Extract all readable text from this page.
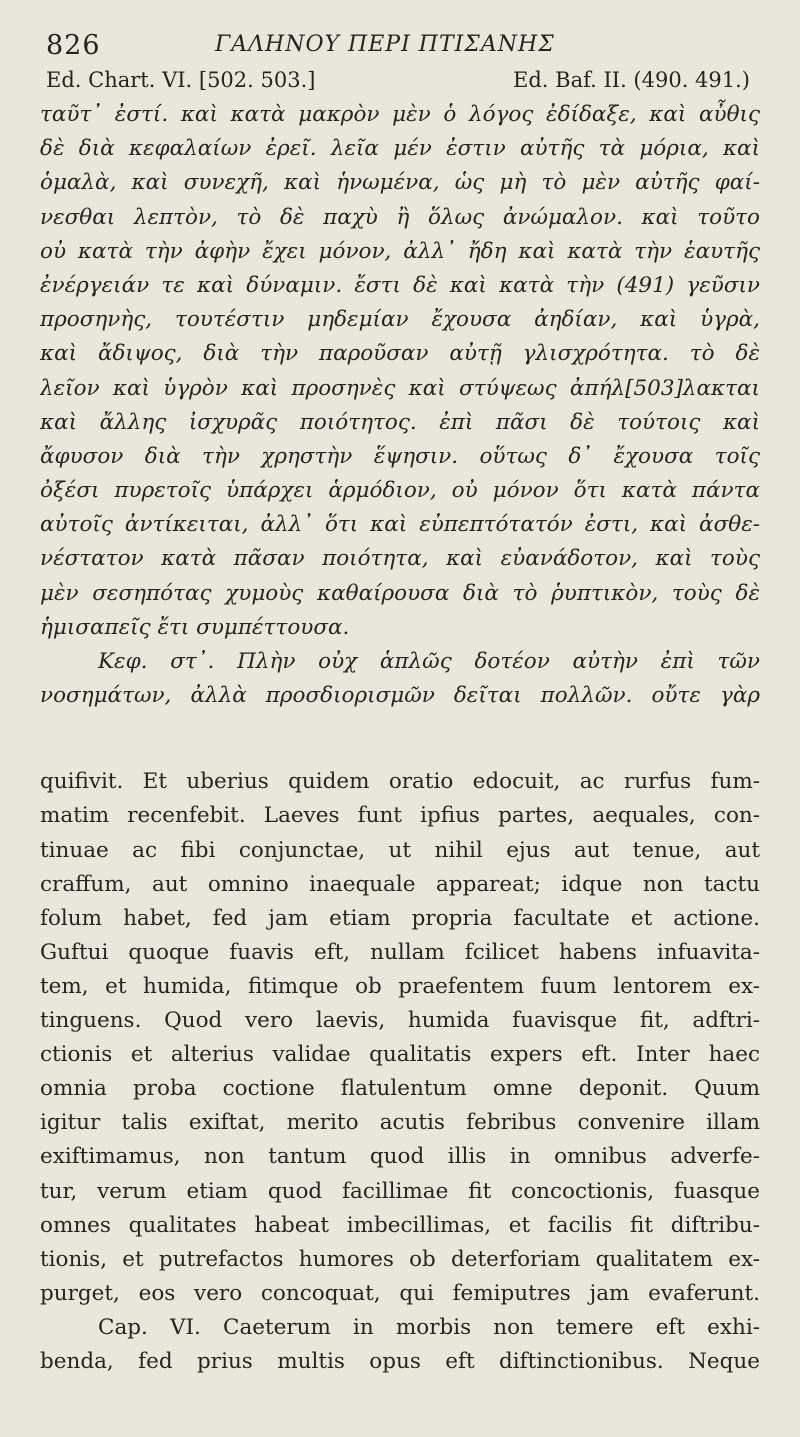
826	ΓΑΛΗΝΟΥ ΠΕΡΙ ΠΤΙΣΑΝΗΣ
Ed. Chart. VI. [502. 503.]	Ed. Baf. II. (490. 491.)
ταῦτ᾽ ἐστί. καὶ κατὰ μακρὸν μὲν ὁ λόγος ἐδίδαξε, καὶ αὖθις
δὲ διὰ κεφαλαίων ἐρεῖ. λεῖα μέν ἐστιν αὐτῆς τὰ μόρια, καὶ
ὁμαλὰ, καὶ συνεχῆ, καὶ ἡνωμένα, ὡς μὴ τὸ μὲν αὐτῆς φαί-
νεσθαι λεπτὸν, τὸ δὲ παχὺ ἢ ὅλως ἀνώμαλον. καὶ τοῦτο
οὐ κατὰ τὴν ἀφὴν ἔχει μόνον, ἀλλ᾽ ἤδη καὶ κατὰ τὴν ἑαυτῆς
ἐνέργειάν τε καὶ δύναμιν. ἔστι δὲ καὶ κατὰ τὴν (491) γεῦσιν
προσηνὴς, τουτέστιν μηδεμίαν ἔχουσα ἀηδίαν, καὶ ὑγρὰ,
καὶ ἄδιψος, διὰ τὴν παροῦσαν αὐτῇ γλισχρότητα. τὸ δὲ
λεῖον καὶ ὑγρὸν καὶ προσηνὲς καὶ στύψεως ἀπήλ[503]λακται
καὶ ἄλλης ἰσχυρᾶς ποιότητος. ἐπὶ πᾶσι δὲ τούτοις καὶ
ἄφυσον διὰ τὴν χρηστὴν ἕψησιν. οὕτως δ᾽ ἔχουσα τοῖς
ὀξέσι πυρετοῖς ὑπάρχει ἁρμόδιον, οὐ μόνον ὅτι κατὰ πάντα
αὐτοῖς ἀντίκειται, ἀλλ᾽ ὅτι καὶ εὐπεπτότατόν ἐστι, καὶ ἀσθε-
νέστατον κατὰ πᾶσαν ποιότητα, καὶ εὐανάδοτον, καὶ τοὺς
μὲν σεσηπότας χυμοὺς καθαίρουσα διὰ τὸ ῥυπτικὸν, τοὺς δὲ
ἡμισαπεῖς ἔτι συμπέττουσα.
Κεφ. στ᾽. Πλὴν οὐχ ἁπλῶς δοτέον αὐτὴν ἐπὶ τῶν
νοσημάτων, ἀλλὰ προσδιορισμῶν δεῖται πολλῶν. οὔτε γὰρ
quifivit. Et uberius quidem oratio edocuit, ac rurfus fum-
matim recenfebit. Laeves funt ipfius partes, aequales, con-
tinuae ac fibi conjunctae, ut nihil ejus aut tenue, aut
craffum, aut omnino inaequale appareat; idque non tactu
folum habet, fed jam etiam propria facultate et actione.
Guftui quoque fuavis eft, nullam fcilicet habens infuavita-
tem, et humida, fitimque ob praefentem fuum lentorem ex-
tinguens. Quod vero laevis, humida fuavisque fit, adftri-
ctionis et alterius validae qualitatis expers eft. Inter haec
omnia proba coctione flatulentum omne deponit. Quum
igitur talis exiftat, merito acutis febribus convenire illam
exiftimamus, non tantum quod illis in omnibus adverfe-
tur, verum etiam quod facillimae fit concoctionis, fuasque
omnes qualitates habeat imbecillimas, et facilis fit diftribu-
tionis, et putrefactos humores ob deterforiam qualitatem ex-
purget, eos vero concoquat, qui femiputres jam evaferunt.
Cap. VI. Caeterum in morbis non temere eft exhi-
benda, fed prius multis opus eft diftinctionibus. Neque
